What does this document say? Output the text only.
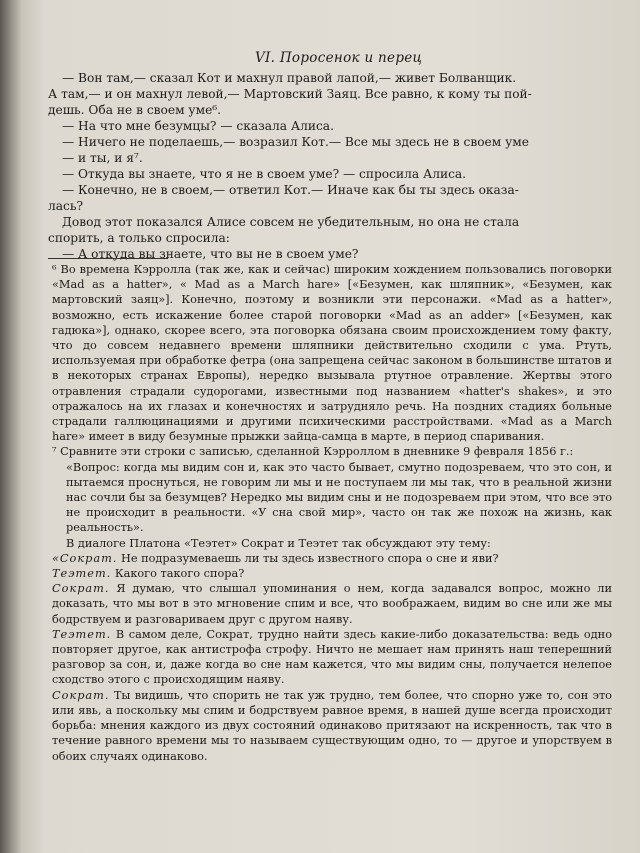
VI. Поросенок и перец

— Вон там,— сказал Кот и махнул правой лапой,— живет Болванщик.

А там,— и он махнул левой,— Мартовский Заяц. Все равно, к кому ты пой-

дешь. Оба не в своем уме⁶.

— На что мне безумцы? — сказала Алиса.

— Ничего не поделаешь,— возразил Кот.— Все мы здесь не в своем уме

— и ты, и я⁷.

— Откуда вы знаете, что я не в своем уме? — спросила Алиса.

— Конечно, не в своем,— ответил Кот.— Иначе как бы ты здесь оказа-

лась?

Довод этот показался Алисе совсем не убедительным, но она не стала

спорить, а только спросила:

— А откуда вы знаете, что вы не в своем уме?

⁶ Во времена Кэрролла (так же, как и сейчас) широким хождением пользовались поговорки «Mad as a hatter», « Mad as a March hare» [«Безумен, как шляпник», «Безумен, как мартовский заяц»]. Конечно, поэтому и возникли эти персонажи. «Mad as a hatter», возможно, есть искажение более старой поговорки «Mad as an adder» [«Безумен, как гадюка»], однако, скорее всего, эта поговорка обязана своим происхождением тому факту, что до совсем недавнего времени шляпники действительно сходили с ума. Ртуть, используемая при обработке фетра (она запрещена сейчас законом в большинстве штатов и в некоторых странах Европы), нередко вызывала ртутное отравление. Жертвы этого отравления страдали судорогами, известными под названием «hatter's shakes», и это отражалось на их глазах и конечностях и затрудняло речь. На поздних стадиях больные страдали галлюцинациями и другими психическими расстройствами. «Mad as a March hare» имеет в виду безумные прыжки зайца-самца в марте, в период спаривания.

⁷ Сравните эти строки с записью, сделанной Кэрроллом в дневнике 9 февраля 1856 г.:

«Вопрос: когда мы видим сон и, как это часто бывает, смутно подозреваем, что это сон, и пытаемся проснуться, не говорим ли мы и не поступаем ли мы так, что в реальной жизни нас сочли бы за безумцев? Нередко мы видим сны и не подозреваем при этом, что все это не происходит в реальности. «У сна свой мир», часто он так же похож на жизнь, как реальность».

В диалоге Платона «Теэтет» Сократ и Теэтет так обсуждают эту тему:

«Сократ. Не подразумеваешь ли ты здесь известного спора о сне и яви?

Теэтет. Какого такого спора?

Сократ. Я думаю, что слышал упоминания о нем, когда задавался вопрос, можно ли доказать, что мы вот в это мгновение спим и все, что воображаем, видим во сне или же мы бодрствуем и разговариваем друг с другом наяву.

Теэтет. В самом деле, Сократ, трудно найти здесь какие-либо доказательства: ведь одно повторяет другое, как антистрофа строфу. Ничто не мешает нам принять наш теперешний разговор за сон, и, даже когда во сне нам кажется, что мы видим сны, получается нелепое сходство этого с происходящим наяву.

Сократ. Ты видишь, что спорить не так уж трудно, тем более, что спорно уже то, сон это или явь, а поскольку мы спим и бодрствуем равное время, в нашей душе всегда происходит борьба: мнения каждого из двух состояний одинаково притязают на искренность, так что в течение равного времени мы то называем существующим одно, то — другое и упорствуем в обоих случаях одинаково.
